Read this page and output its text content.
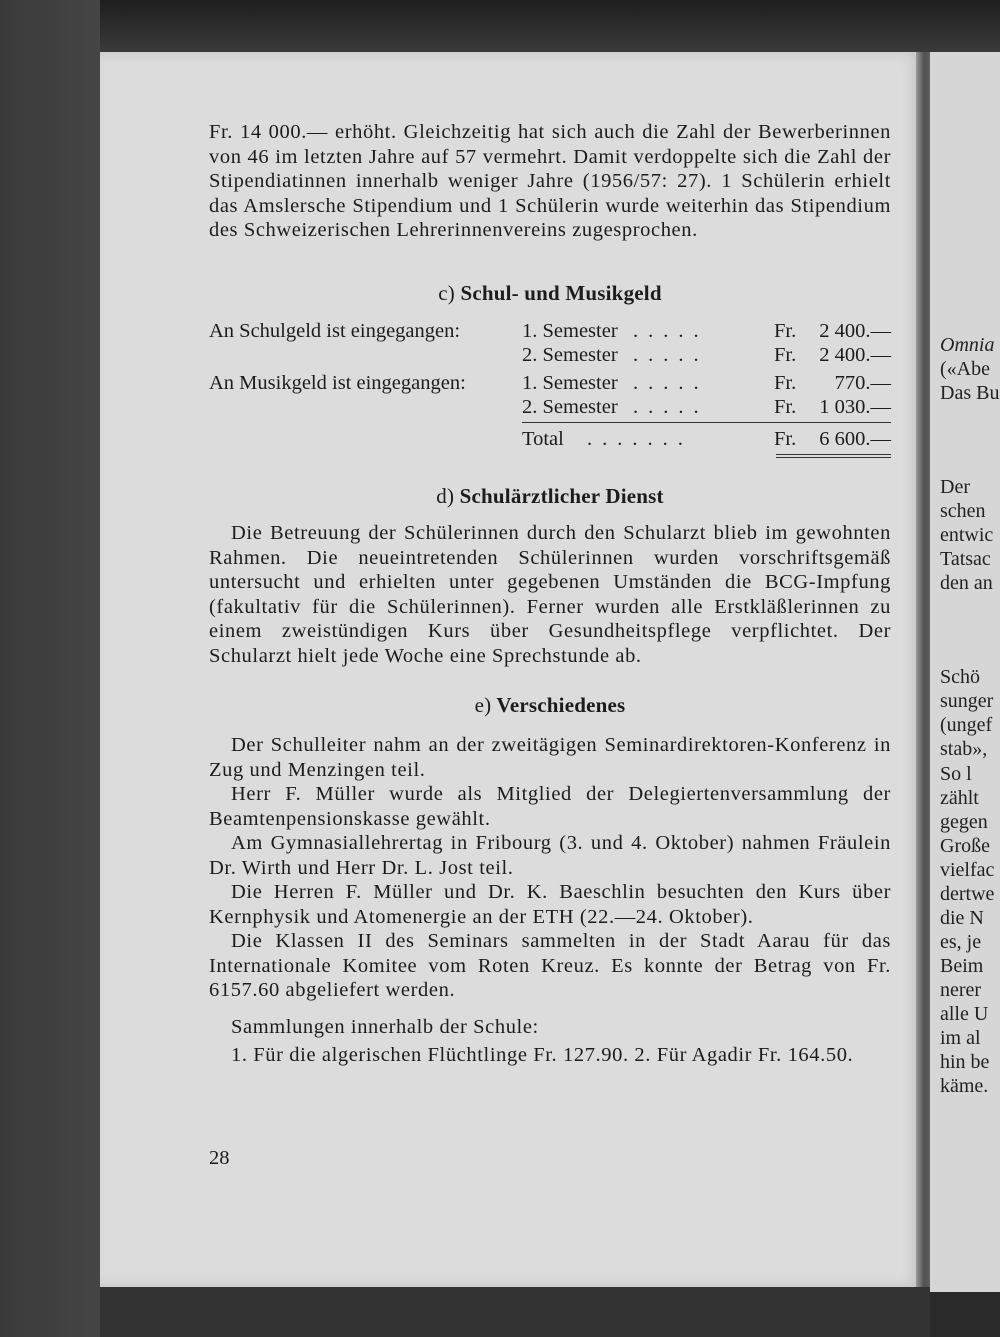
Omnia
(«Abe
Das Bu
Der
schen
entwic
Tatsac
den an
Schö
sunger
(ungef
stab»,
So l
zählt
gegen
Große
vielfac
dertwe
die N
es, je
Beim
nerer
alle U
im al
hin be
käme.

Fr. 14 000.— erhöht. Gleichzeitig hat sich auch die Zahl der Bewerberinnen von 46 im letzten Jahre auf 57 vermehrt. Damit verdoppelte sich die Zahl der Stipendiatinnen innerhalb weniger Jahre (1956/57: 27). 1 Schülerin erhielt das Amslersche Stipendium und 1 Schülerin wurde weiterhin das Stipendium des Schweizerischen Lehrerinnenvereins zugesprochen.

c) Schul- und Musikgeld
An Schulgeld ist eingegangen:	1. Semester .....	Fr. 2 400.—
2. Semester .....	Fr. 2 400.—
An Musikgeld ist eingegangen:	1. Semester .....	Fr. 770.—
2. Semester .....	Fr. 1 030.—
Total .......	Fr. 6 600.—
d) Schulärztlicher Dienst

Die Betreuung der Schülerinnen durch den Schularzt blieb im gewohnten Rahmen. Die neueintretenden Schülerinnen wurden vorschriftsgemäß untersucht und erhielten unter gegebenen Umständen die BCG-Impfung (fakultativ für die Schülerinnen). Ferner wurden alle Erstkläßlerinnen zu einem zweistündigen Kurs über Gesundheitspflege verpflichtet. Der Schularzt hielt jede Woche eine Sprechstunde ab.

e) Verschiedenes

Der Schulleiter nahm an der zweitägigen Seminardirektoren-Konferenz in Zug und Menzingen teil.

Herr F. Müller wurde als Mitglied der Delegiertenversammlung der Beamtenpensionskasse gewählt.

Am Gymnasiallehrertag in Fribourg (3. und 4. Oktober) nahmen Fräulein Dr. Wirth und Herr Dr. L. Jost teil.

Die Herren F. Müller und Dr. K. Baeschlin besuchten den Kurs über Kernphysik und Atomenergie an der ETH (22.—24. Oktober).

Die Klassen II des Seminars sammelten in der Stadt Aarau für das Internationale Komitee vom Roten Kreuz. Es konnte der Betrag von Fr. 6157.60 abgeliefert werden.

Sammlungen innerhalb der Schule:

1. Für die algerischen Flüchtlinge Fr. 127.90. 2. Für Agadir Fr. 164.50.

28
